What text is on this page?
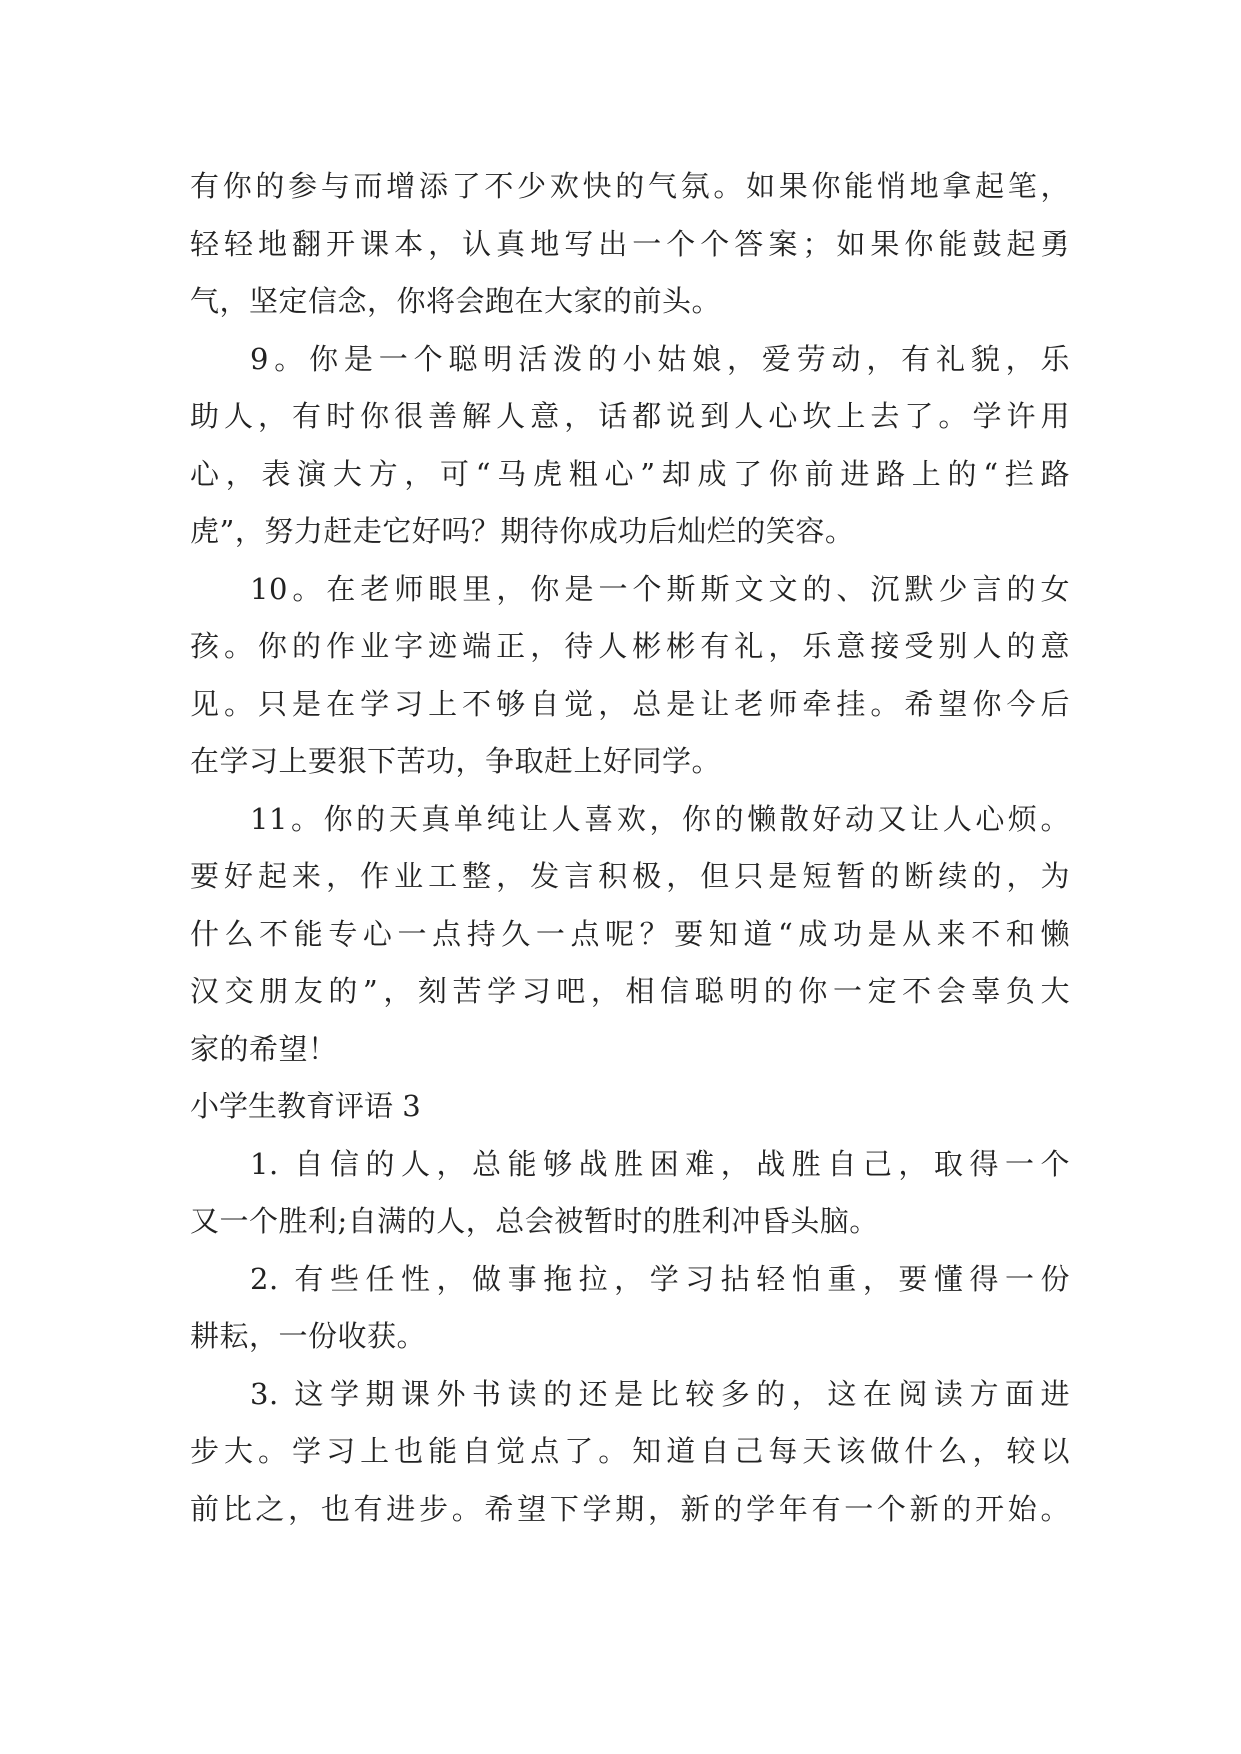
有你的参与而增添了不少欢快的气氛。如果你能悄地拿起笔，
轻轻地翻开课本，认真地写出一个个答案；如果你能鼓起勇
气，坚定信念，你将会跑在大家的前头。
9。你是一个聪明活泼的小姑娘，爱劳动，有礼貌，乐
助人，有时你很善解人意，话都说到人心坎上去了。学许用
心，表演大方，可“马虎粗心”却成了你前进路上的“拦路
虎”，努力赶走它好吗？期待你成功后灿烂的笑容。
10。在老师眼里，你是一个斯斯文文的、沉默少言的女
孩。你的作业字迹端正，待人彬彬有礼，乐意接受别人的意
见。只是在学习上不够自觉，总是让老师牵挂。希望你今后
在学习上要狠下苦功，争取赶上好同学。
11。你的天真单纯让人喜欢，你的懒散好动又让人心烦。
要好起来，作业工整，发言积极，但只是短暂的断续的，为
什么不能专心一点持久一点呢？要知道“成功是从来不和懒
汉交朋友的”，刻苦学习吧，相信聪明的你一定不会辜负大
家的希望！
小学生教育评语 3
1. 自信的人，总能够战胜困难，战胜自己，取得一个
又一个胜利;自满的人，总会被暂时的胜利冲昏头脑。
2. 有些任性，做事拖拉，学习拈轻怕重，要懂得一份
耕耘，一份收获。
3. 这学期课外书读的还是比较多的，这在阅读方面进
步大。学习上也能自觉点了。知道自己每天该做什么，较以
前比之，也有进步。希望下学期，新的学年有一个新的开始。
